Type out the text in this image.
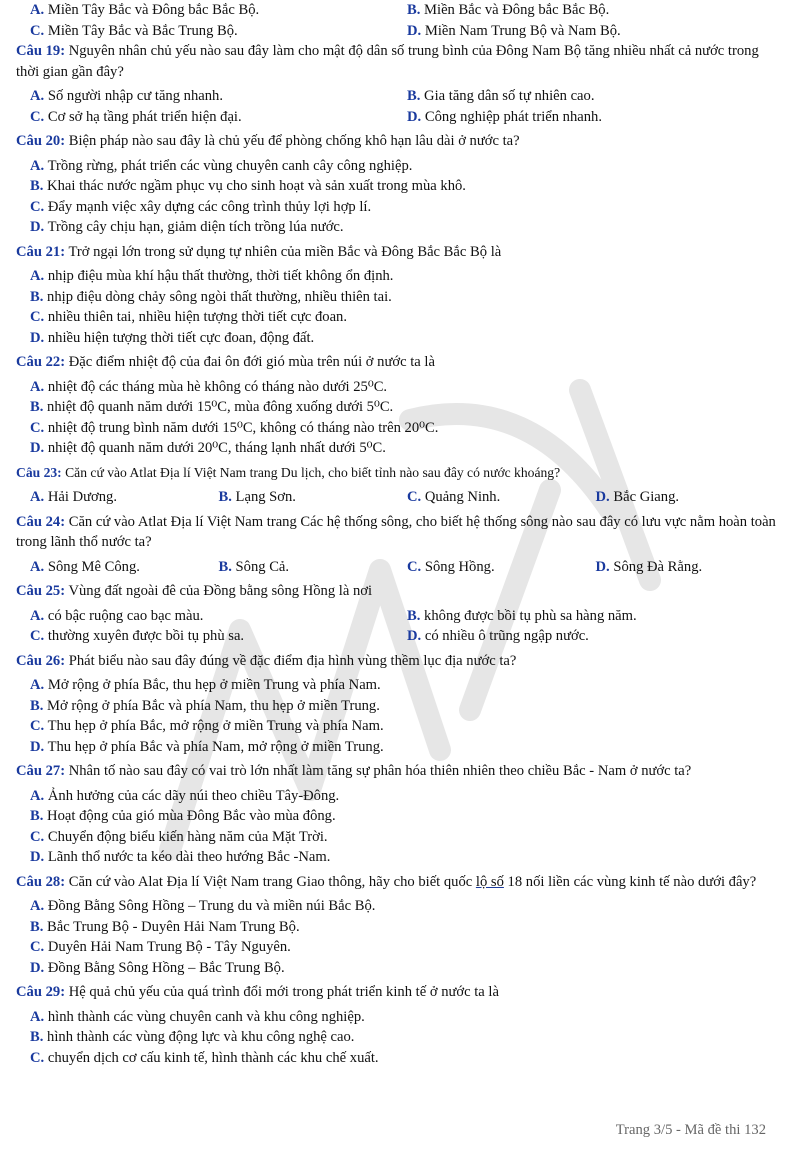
A. Miền Tây Bắc và Đông bắc Bắc Bộ.	B. Miền Bắc và Đông bắc Bắc Bộ.
C. Miền Tây Bắc và Bắc Trung Bộ.	D. Miền Nam Trung Bộ và Nam Bộ.
Câu 19: Nguyên nhân chủ yếu nào sau đây làm cho mật độ dân số trung bình của Đông Nam Bộ tăng nhiều nhất cả nước trong thời gian gần đây?
A. Số người nhập cư tăng nhanh.	B. Gia tăng dân số tự nhiên cao.
C. Cơ sở hạ tầng phát triển hiện đại.	D. Công nghiệp phát triển nhanh.
Câu 20: Biện pháp nào sau đây là chủ yếu để phòng chống khô hạn lâu dài ở nước ta?
A. Trồng rừng, phát triển các vùng chuyên canh cây công nghiệp.
B. Khai thác nước ngầm phục vụ cho sinh hoạt và sản xuất trong mùa khô.
C. Đẩy mạnh việc xây dựng các công trình thủy lợi hợp lí.
D. Trồng cây chịu hạn, giảm diện tích trồng lúa nước.
Câu 21: Trở ngại lớn trong sử dụng tự nhiên của miền Bắc và Đông Bắc Bắc Bộ là
A. nhịp điệu mùa khí hậu thất thường, thời tiết không ổn định.
B. nhịp điệu dòng chảy sông ngòi thất thường, nhiều thiên tai.
C. nhiều thiên tai, nhiều hiện tượng thời tiết cực đoan.
D. nhiều hiện tượng thời tiết cực đoan, động đất.
Câu 22: Đặc điểm nhiệt độ của đai ôn đới gió mùa trên núi ở nước ta là
A. nhiệt độ các tháng mùa hè không có tháng nào dưới 25⁰C.
B. nhiệt độ quanh năm dưới 15⁰C, mùa đông xuống dưới 5⁰C.
C. nhiệt độ trung bình năm dưới 15⁰C, không có tháng nào trên 20⁰C.
D. nhiệt độ quanh năm dưới 20⁰C, tháng lạnh nhất dưới 5⁰C.
Câu 23: Căn cứ vào Atlat Địa lí Việt Nam trang Du lịch, cho biết tỉnh nào sau đây có nước khoáng?
A. Hải Dương.	B. Lạng Sơn.	C. Quảng Ninh.	D. Bắc Giang.
Câu 24: Căn cứ vào Atlat Địa lí Việt Nam trang Các hệ thống sông, cho biết hệ thống sông nào sau đây có lưu vực nằm hoàn toàn trong lãnh thổ nước ta?
A. Sông Mê Công.	B. Sông Cả.	C. Sông Hồng.	D. Sông Đà Rằng.
Câu 25: Vùng đất ngoài đê của Đồng bằng sông Hồng là nơi
A. có bậc ruộng cao bạc màu.	B. không được bồi tụ phù sa hàng năm.
C. thường xuyên được bồi tụ phù sa.	D. có nhiều ô trũng ngập nước.
Câu 26: Phát biểu nào sau đây đúng về đặc điểm địa hình vùng thềm lục địa nước ta?
A. Mở rộng ở phía Bắc, thu hẹp ở miền Trung và phía Nam.
B. Mở rộng ở phía Bắc và phía Nam, thu hẹp ở miền Trung.
C. Thu hẹp ở phía Bắc, mở rộng ở miền Trung và phía Nam.
D. Thu hẹp ở phía Bắc và phía Nam, mở rộng ở miền Trung.
Câu 27: Nhân tố nào sau đây có vai trò lớn nhất làm tăng sự phân hóa thiên nhiên theo chiều Bắc - Nam ở nước ta?
A. Ảnh hưởng của các dãy núi theo chiều Tây-Đông.
B. Hoạt động của gió mùa Đông Bắc vào mùa đông.
C. Chuyển động biểu kiến hàng năm của Mặt Trời.
D. Lãnh thổ nước ta kéo dài theo hướng Bắc -Nam.
Câu 28: Căn cứ vào Alat Địa lí Việt Nam trang Giao thông, hãy cho biết quốc lộ số 18 nối liền các vùng kinh tế nào dưới đây?
A. Đồng Bằng Sông Hồng – Trung du và miền núi Bắc Bộ.
B. Bắc Trung Bộ - Duyên Hải Nam Trung Bộ.
C. Duyên Hải Nam Trung Bộ - Tây Nguyên.
D. Đồng Bằng Sông Hồng – Bắc Trung Bộ.
Câu 29: Hệ quả chủ yếu của quá trình đổi mới trong phát triển kinh tế ở nước ta là
A. hình thành các vùng chuyên canh và khu công nghiệp.
B. hình thành các vùng động lực và khu công nghệ cao.
C. chuyển dịch cơ cấu kinh tế, hình thành các khu chế xuất.
Trang 3/5 - Mã đề thi 132
